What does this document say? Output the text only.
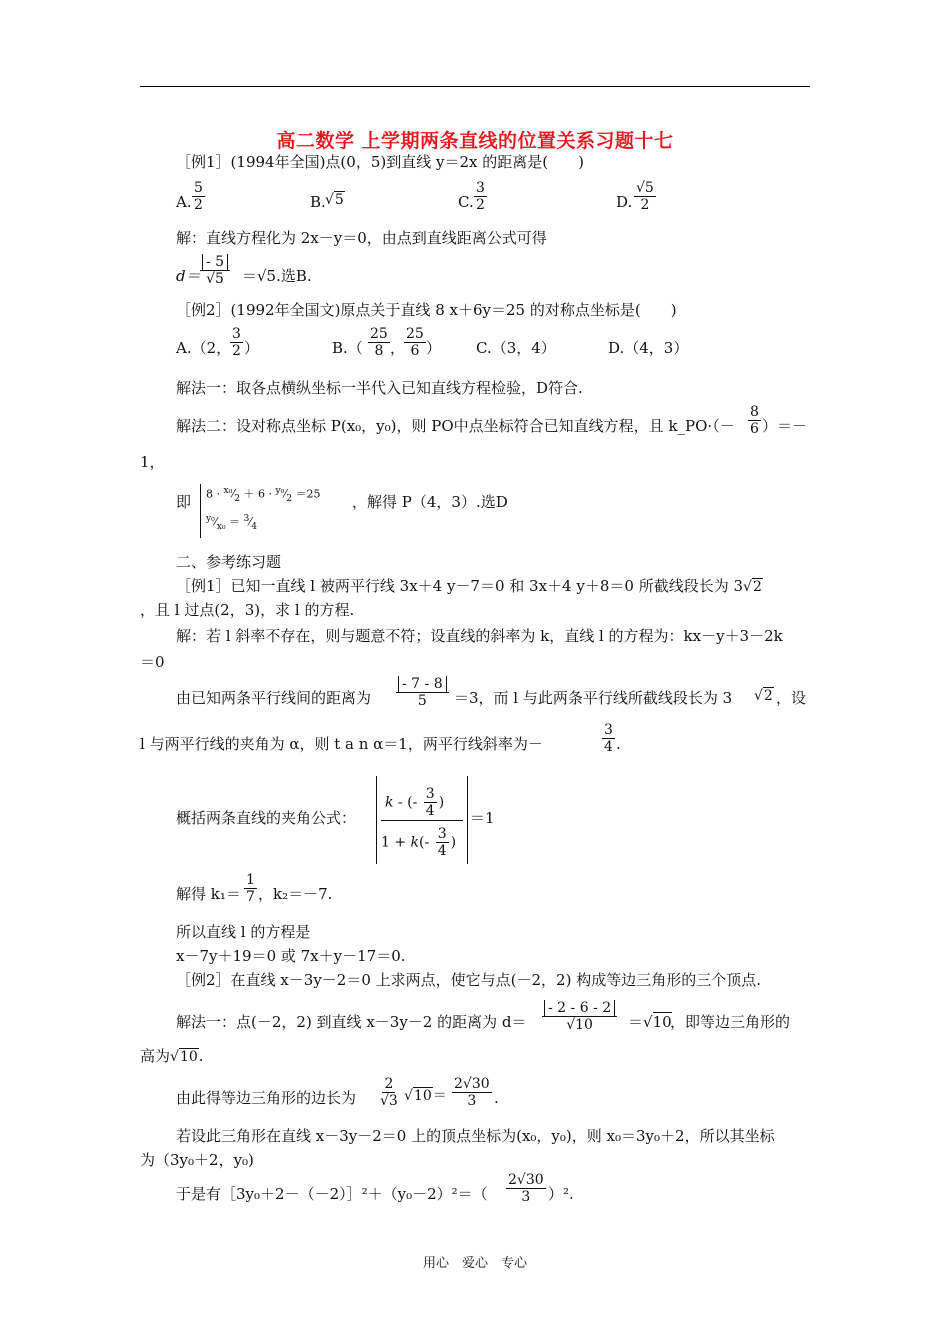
高二数学 上学期两条直线的位置关系习题十七
［例1］(1994年全国)点(0，5)到直线 y＝2x 的距离是(　　)
A. $\frac{5}{2}$	B. √5	C. $\frac{3}{2}$	D. $\frac{√5}{2}$
解：直线方程化为 2x－y＝0，由点到直线距离公式可得
$d= \frac{- 5}{√5} =√5$.选B.
［例2］(1992年全国文)原点关于直线 8 x＋6y＝25 的对称点坐标是(　　)
A.（2，
$\frac{3}{2}$ ）	$B.( \frac{25}{8}$ ，
$\frac{25}{6}$ ） C.（3，4）	D.（4，3）
解法一：取各点横纵坐标一半代入已知直线方程检验，D符合.
解法二：设对称点坐标 P(x₀，y₀)，则 PO中点坐标符合已知直线方程，且 k_PO·（－ $\frac{8}{6}$ ）＝－
1，
即 $8 \cdot ^{x_0}⁄_2 + 6$ · $^{y_0}⁄_2 =25$
$^{y_0}⁄_{x_0}$ ＝ $^3⁄_4$
，解得 P（4，3）.选D
二、参考练习题
［例1］已知一直线 l 被两平行线 3x＋4 y－7＝0 和 3x＋4 y＋8＝0 所截线段长为 3√2
，且 l 过点(2，3)，求 l 的方程.
解：若 l 斜率不存在，则与题意不符；设直线的斜率为 k，直线 l 的方程为：kx－y＋3－2k
＝0
由已知两条平行线间的距离为 $\frac{- 7 - 8}{5} =3$，而 l 与此两条平行线所截线段长为 3 √2 ，设
l 与两平行线的夹角为 α，则 t a n α＝1，两平行线斜率为－	$\frac{3}{4}$ .
概括两条直线的夹角公式：
k - (- $\frac{3}{4}$ )
$1 + k(- \frac{3}{4}$ )
＝1
解得 $k_1= \frac{1}{7}$ ，k₂＝－7.
所以直线 l 的方程是
x－7y＋19＝0 或 7x＋y－17＝0.
［例2］在直线 x－3y－2＝0 上求两点，使它与点(－2，2) 构成等边三角形的三个顶点.
解法一：点(－2，2) 到直线 x－3y－2 的距离为 $d= \frac{- 2 - 6 - 2}{√10} =√10$
，即等边三角形的
高为√10.
由此得等边三角形的边长为 $\frac{2}{√3} √10= \frac{2√30}{3}$ .
若设此三角形在直线 x－3y－2＝0 上的顶点坐标为(x₀，y₀)，则 x₀＝3y₀＋2，所以其坐标
为（3y₀＋2，y₀)
于是有［3y₀＋2－（－2）］²＋（y₀－2）²＝（ $\frac{2√30}{3} )^2$.
用心　爱心　专心
